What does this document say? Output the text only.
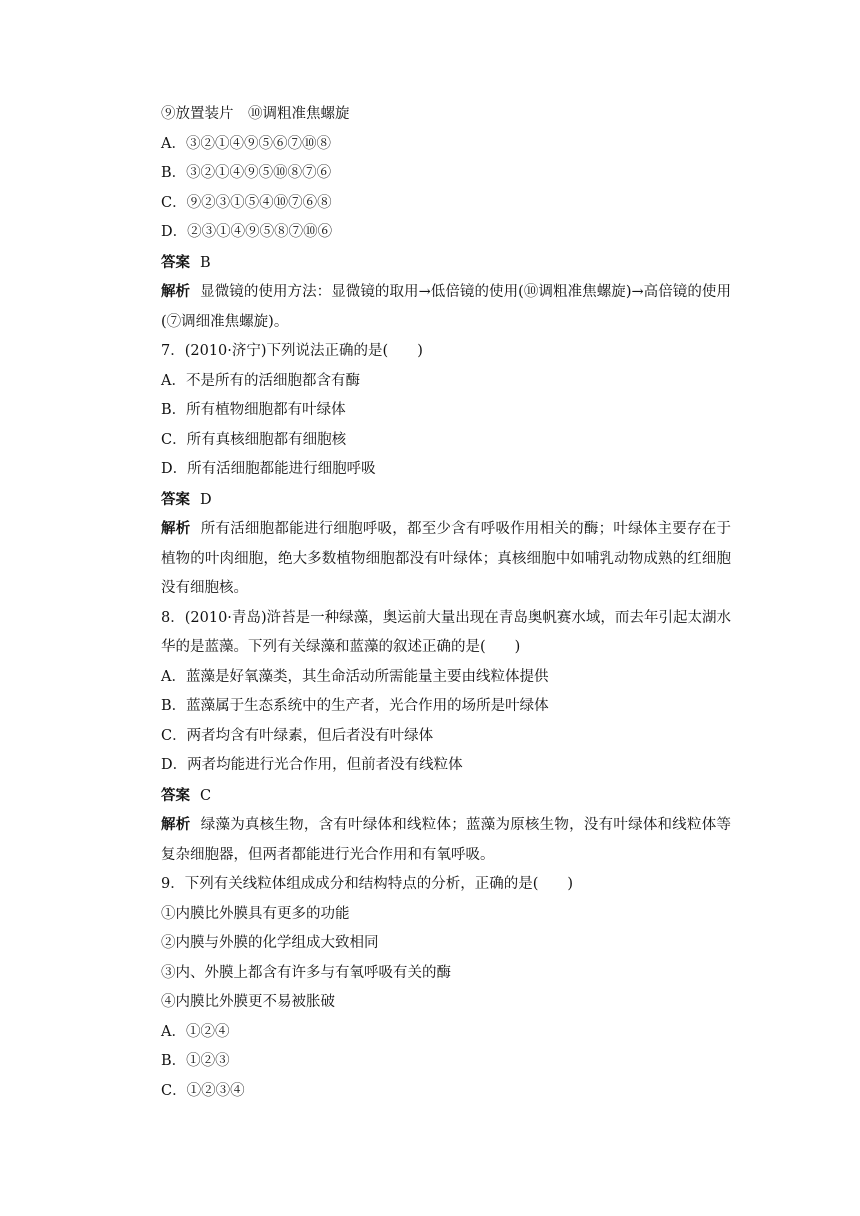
⑨放置装片　⑩调粗准焦螺旋
A．③②①④⑨⑤⑥⑦⑩⑧
B．③②①④⑨⑤⑩⑧⑦⑥
C．⑨②③①⑤④⑩⑦⑥⑧
D．②③①④⑨⑤⑧⑦⑩⑥
答案 B
解析 显微镜的使用方法：显微镜的取用→低倍镜的使用(⑩调粗准焦螺旋)→高倍镜的使用(⑦调细准焦螺旋)。
7．(2010·济宁)下列说法正确的是(　　)
A．不是所有的活细胞都含有酶
B．所有植物细胞都有叶绿体
C．所有真核细胞都有细胞核
D．所有活细胞都能进行细胞呼吸
答案 D
解析 所有活细胞都能进行细胞呼吸，都至少含有呼吸作用相关的酶；叶绿体主要存在于植物的叶肉细胞，绝大多数植物细胞都没有叶绿体；真核细胞中如哺乳动物成熟的红细胞没有细胞核。
8．(2010·青岛)浒苔是一种绿藻，奥运前大量出现在青岛奥帆赛水域，而去年引起太湖水华的是蓝藻。下列有关绿藻和蓝藻的叙述正确的是(　　)
A．蓝藻是好氧藻类，其生命活动所需能量主要由线粒体提供
B．蓝藻属于生态系统中的生产者，光合作用的场所是叶绿体
C．两者均含有叶绿素，但后者没有叶绿体
D．两者均能进行光合作用，但前者没有线粒体
答案 C
解析 绿藻为真核生物，含有叶绿体和线粒体；蓝藻为原核生物，没有叶绿体和线粒体等复杂细胞器，但两者都能进行光合作用和有氧呼吸。
9．下列有关线粒体组成成分和结构特点的分析，正确的是(　　)
①内膜比外膜具有更多的功能
②内膜与外膜的化学组成大致相同
③内、外膜上都含有许多与有氧呼吸有关的酶
④内膜比外膜更不易被胀破
A．①②④
B．①②③
C．①②③④
